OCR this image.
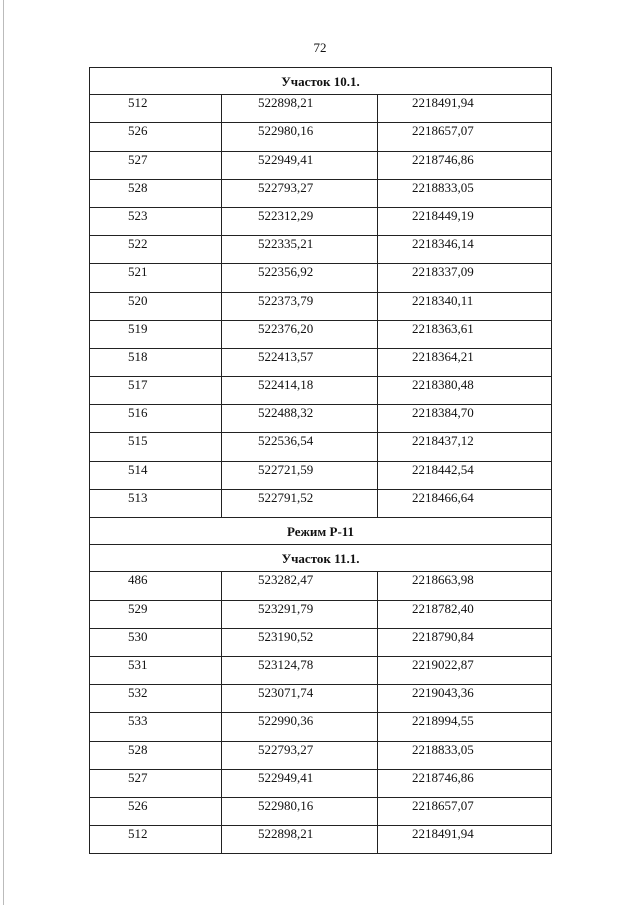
72
Участок 10.1.		
512	522898,21	2218491,94
526	522980,16	2218657,07
527	522949,41	2218746,86
528	522793,27	2218833,05
523	522312,29	2218449,19
522	522335,21	2218346,14
521	522356,92	2218337,09
520	522373,79	2218340,11
519	522376,20	2218363,61
518	522413,57	2218364,21
517	522414,18	2218380,48
516	522488,32	2218384,70
515	522536,54	2218437,12
514	522721,59	2218442,54
513	522791,52	2218466,64
Режим Р-11		
Участок 11.1.		
486	523282,47	2218663,98
529	523291,79	2218782,40
530	523190,52	2218790,84
531	523124,78	2219022,87
532	523071,74	2219043,36
533	522990,36	2218994,55
528	522793,27	2218833,05
527	522949,41	2218746,86
526	522980,16	2218657,07
512	522898,21	2218491,94
